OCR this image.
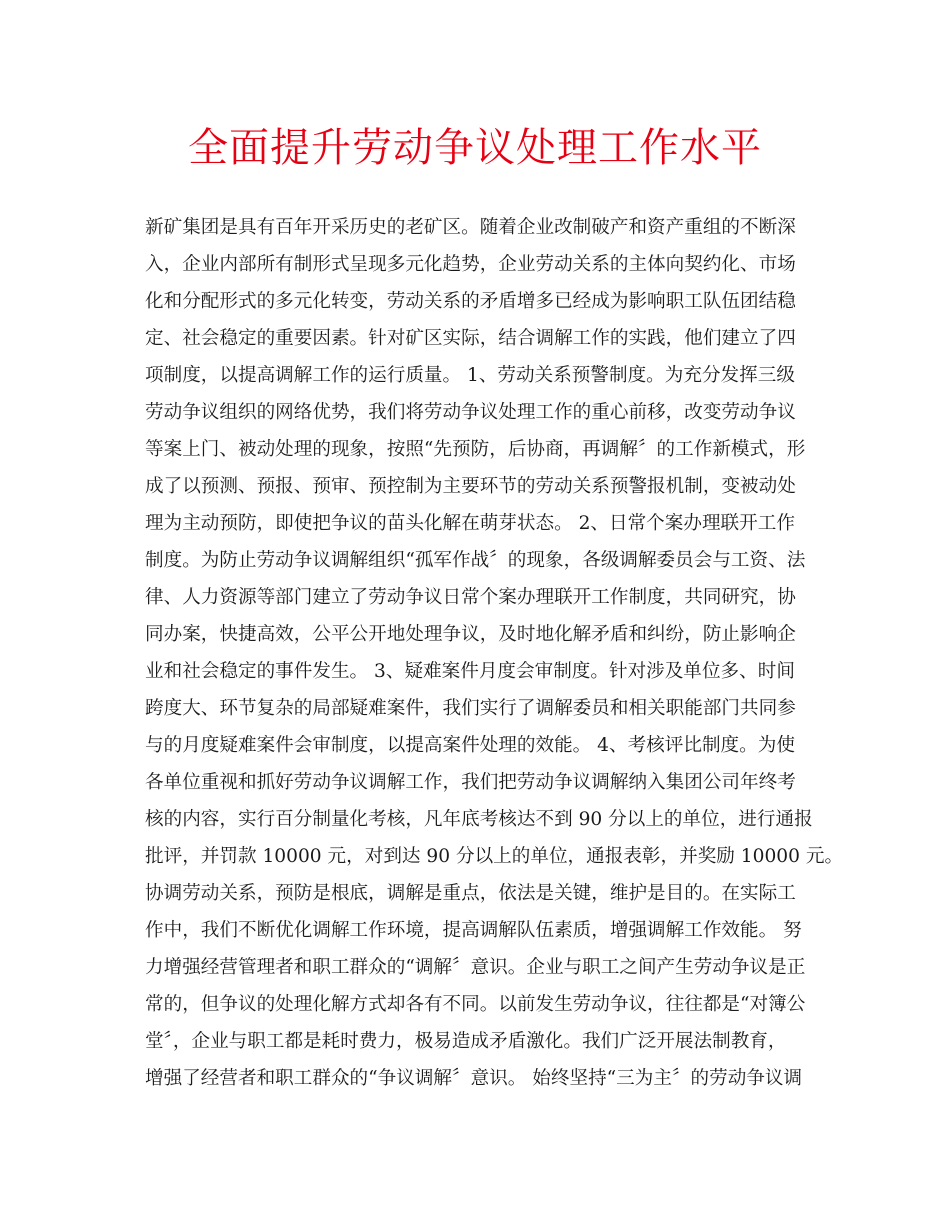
全面提升劳动争议处理工作水平
新矿集团是具有百年开采历史的老矿区。随着企业改制破产和资产重组的不断深
入，企业内部所有制形式呈现多元化趋势，企业劳动关系的主体向契约化、市场
化和分配形式的多元化转变，劳动关系的矛盾增多已经成为影响职工队伍团结稳
定、社会稳定的重要因素。针对矿区实际，结合调解工作的实践，他们建立了四
项制度，以提高调解工作的运行质量。 1、劳动关系预警制度。为充分发挥三级
劳动争议组织的网络优势，我们将劳动争议处理工作的重心前移，改变劳动争议
等案上门、被动处理的现象，按照“先预防，后协商，再调解〞的工作新模式，形
成了以预测、预报、预审、预控制为主要环节的劳动关系预警报机制，变被动处
理为主动预防，即使把争议的苗头化解在萌芽状态。 2、日常个案办理联开工作
制度。为防止劳动争议调解组织“孤军作战〞的现象，各级调解委员会与工资、法
律、人力资源等部门建立了劳动争议日常个案办理联开工作制度，共同研究，协
同办案，快捷高效，公平公开地处理争议，及时地化解矛盾和纠纷，防止影响企
业和社会稳定的事件发生。 3、疑难案件月度会审制度。针对涉及单位多、时间
跨度大、环节复杂的局部疑难案件，我们实行了调解委员和相关职能部门共同参
与的月度疑难案件会审制度，以提高案件处理的效能。 4、考核评比制度。为使
各单位重视和抓好劳动争议调解工作，我们把劳动争议调解纳入集团公司年终考
核的内容，实行百分制量化考核，凡年底考核达不到 90 分以上的单位，进行通报
批评，并罚款 10000 元，对到达 90 分以上的单位，通报表彰，并奖励 10000 元。
协调劳动关系，预防是根底，调解是重点，依法是关键，维护是目的。在实际工
作中，我们不断优化调解工作环境，提高调解队伍素质，增强调解工作效能。 努
力增强经营管理者和职工群众的“调解〞意识。企业与职工之间产生劳动争议是正
常的，但争议的处理化解方式却各有不同。以前发生劳动争议，往往都是“对簿公
堂〞，企业与职工都是耗时费力，极易造成矛盾激化。我们广泛开展法制教育，
增强了经营者和职工群众的“争议调解〞意识。 始终坚持“三为主〞的劳动争议调
